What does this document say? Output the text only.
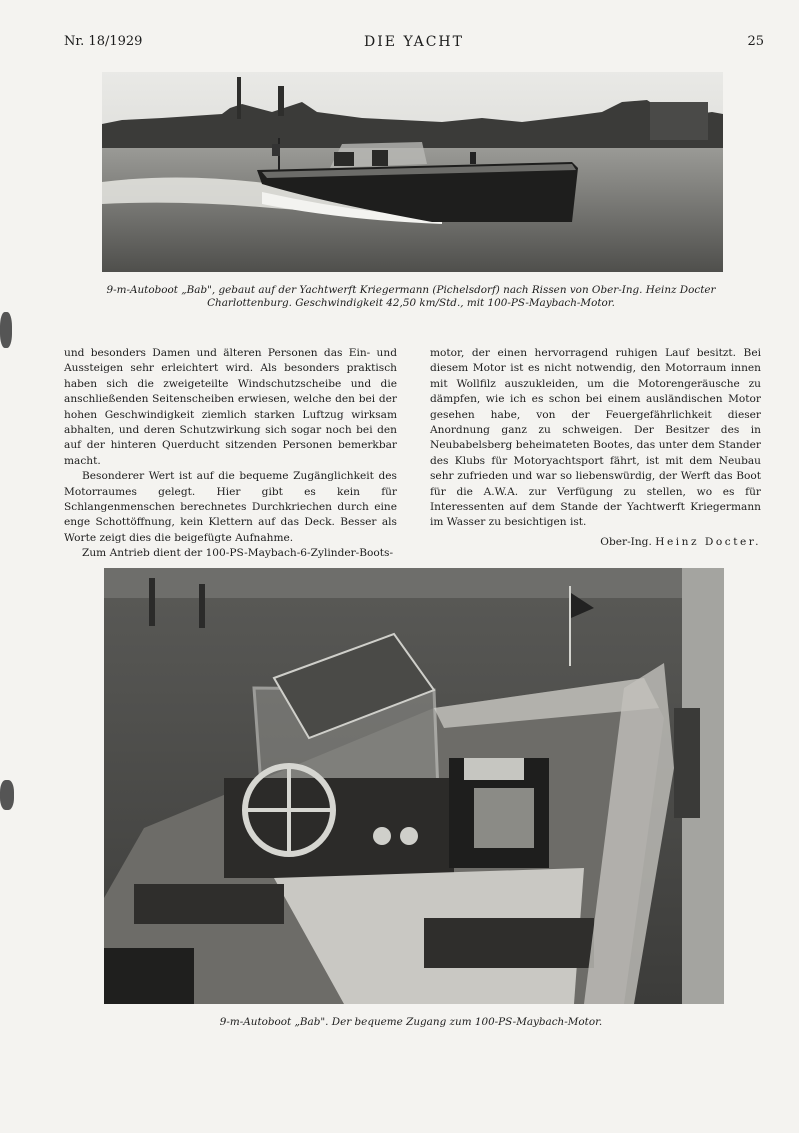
Nr. 18/1929	DIE YACHT	25
9-m-Autoboot „Bab", gebaut auf der Yachtwerft Kriegermann (Pichelsdorf) nach Rissen von Ober-Ing. Heinz Docter
Charlottenburg. Geschwindigkeit 42,50 km/Std., mit 100-PS-Maybach-Motor.

und besonders Damen und älteren Personen das Ein- und Aussteigen sehr erleichtert wird. Als besonders praktisch haben sich die zweigeteilte Windschutzscheibe und die anschließenden Seitenscheiben erwiesen, welche den bei der hohen Geschwindigkeit ziemlich starken Luftzug wirksam abhalten, und deren Schutzwirkung sich sogar noch bei den auf der hinteren Querducht sitzenden Personen bemerkbar macht.

Besonderer Wert ist auf die bequeme Zugänglichkeit des Motorraumes gelegt. Hier gibt es kein für Schlangenmenschen berechnetes Durchkriechen durch eine enge Schottöffnung, kein Klettern auf das Deck. Besser als Worte zeigt dies die beigefügte Aufnahme.

Zum Antrieb dient der 100-PS-Maybach-6-Zylinder-Boots-

motor, der einen hervorragend ruhigen Lauf besitzt. Bei diesem Motor ist es nicht notwendig, den Motorraum innen mit Wollfilz auszukleiden, um die Motorengeräusche zu dämpfen, wie ich es schon bei einem ausländischen Motor gesehen habe, von der Feuergefährlichkeit dieser Anordnung ganz zu schweigen. Der Besitzer des in Neubabelsberg beheimateten Bootes, das unter dem Stander des Klubs für Motoryachtsport fährt, ist mit dem Neubau sehr zufrieden und war so liebenswürdig, der Werft das Boot für die A.W.A. zur Verfügung zu stellen, wo es für Interessenten auf dem Stande der Yachtwerft Kriegermann im Wasser zu besichtigen ist.

Ober-Ing. Heinz Docter.
9-m-Autoboot „Bab". Der bequeme Zugang zum 100-PS-Maybach-Motor.
